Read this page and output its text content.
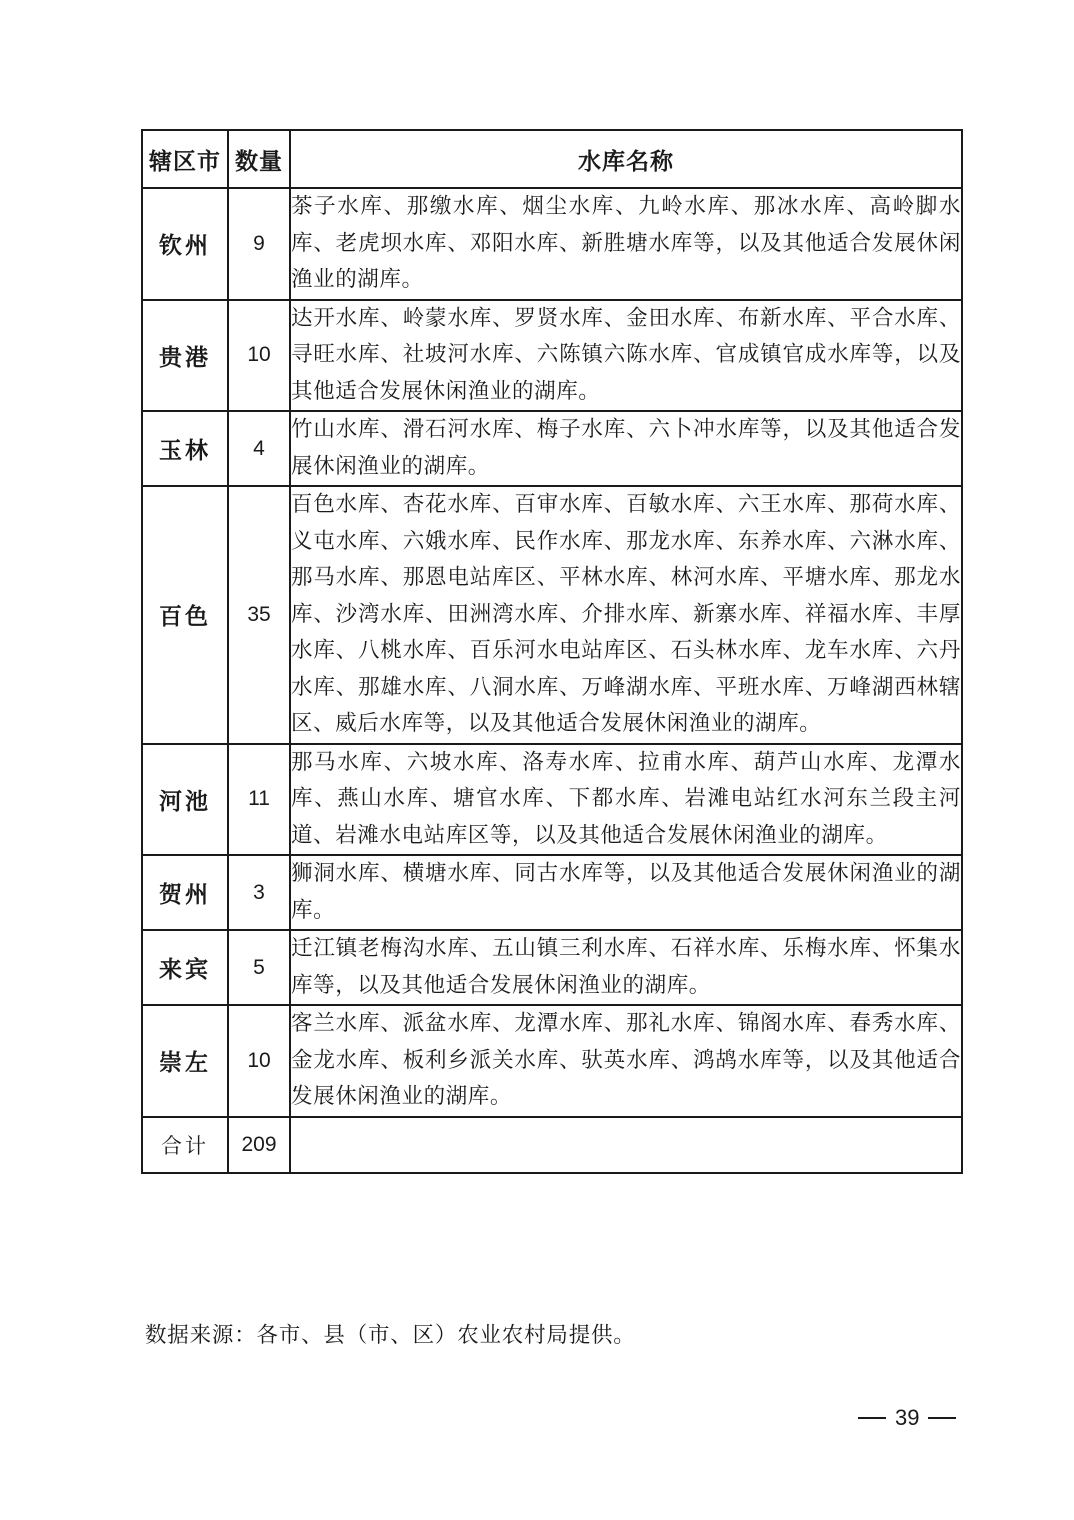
辖区市	数量	水库名称
钦州	9	茶子水库、那缴水库、烟尘水库、九岭水库、那冰水库、高岭脚水库、老虎坝水库、邓阳水库、新胜塘水库等，以及其他适合发展休闲渔业的湖库。
贵港	10	达开水库、岭蒙水库、罗贤水库、金田水库、布新水库、平合水库、寻旺水库、社坡河水库、六陈镇六陈水库、官成镇官成水库等，以及其他适合发展休闲渔业的湖库。
玉林	4	竹山水库、滑石河水库、梅子水库、六卜冲水库等，以及其他适合发展休闲渔业的湖库。
百色	35	百色水库、杏花水库、百审水库、百敏水库、六王水库、那荷水库、义屯水库、六娥水库、民作水库、那龙水库、东养水库、六淋水库、那马水库、那恩电站库区、平林水库、林河水库、平塘水库、那龙水库、沙湾水库、田洲湾水库、介排水库、新寨水库、祥福水库、丰厚水库、八桃水库、百乐河水电站库区、石头林水库、龙车水库、六丹水库、那雄水库、八洞水库、万峰湖水库、平班水库、万峰湖西林辖区、威后水库等，以及其他适合发展休闲渔业的湖库。
河池	11	那马水库、六坡水库、洛寿水库、拉甫水库、葫芦山水库、龙潭水库、燕山水库、塘官水库、下都水库、岩滩电站红水河东兰段主河道、岩滩水电站库区等，以及其他适合发展休闲渔业的湖库。
贺州	3	狮洞水库、横塘水库、同古水库等，以及其他适合发展休闲渔业的湖库。
来宾	5	迁江镇老梅沟水库、五山镇三利水库、石祥水库、乐梅水库、怀集水库等，以及其他适合发展休闲渔业的湖库。
崇左	10	客兰水库、派盆水库、龙潭水库、那礼水库、锦阁水库、春秀水库、金龙水库、板利乡派关水库、驮英水库、鸿鸪水库等，以及其他适合发展休闲渔业的湖库。
合计	209	
数据来源：各市、县（市、区）农业农村局提供。
39
